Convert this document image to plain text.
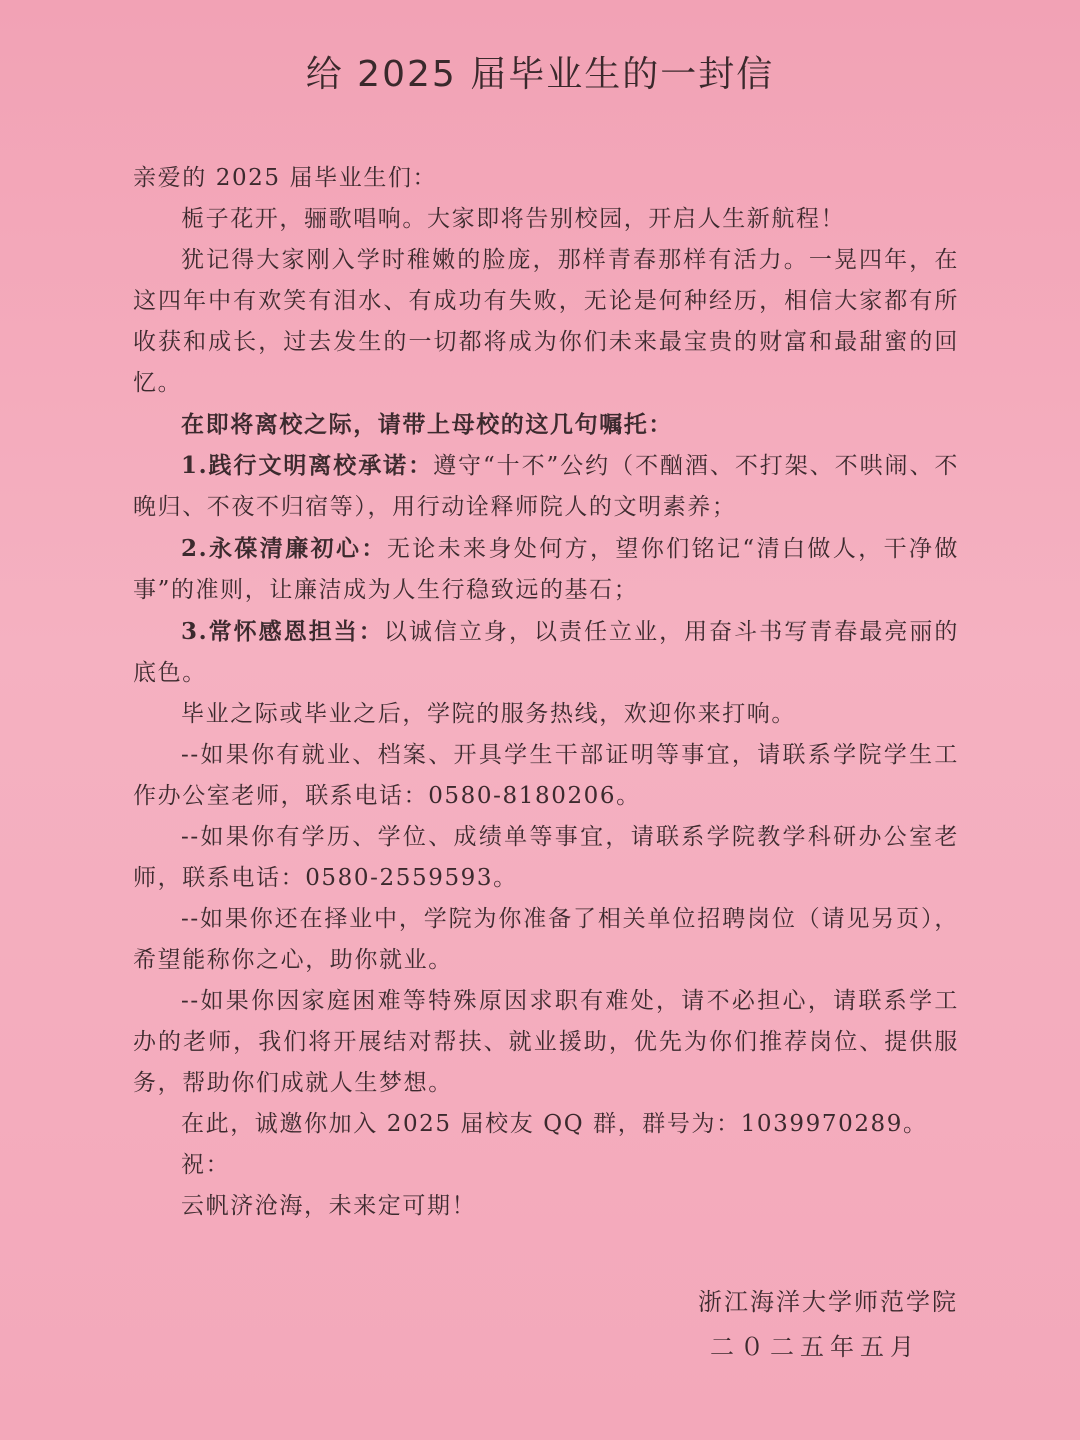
给 2025 届毕业生的一封信

亲爱的 2025 届毕业生们：

栀子花开，骊歌唱响。大家即将告别校园，开启人生新航程！

犹记得大家刚入学时稚嫩的脸庞，那样青春那样有活力。一晃四年，在这四年中有欢笑有泪水、有成功有失败，无论是何种经历，相信大家都有所收获和成长，过去发生的一切都将成为你们未来最宝贵的财富和最甜蜜的回忆。

在即将离校之际，请带上母校的这几句嘱托：

1.践行文明离校承诺：遵守“十不”公约（不酗酒、不打架、不哄闹、不晚归、不夜不归宿等），用行动诠释师院人的文明素养；

2.永葆清廉初心：无论未来身处何方，望你们铭记“清白做人，干净做事”的准则，让廉洁成为人生行稳致远的基石；

3.常怀感恩担当：以诚信立身，以责任立业，用奋斗书写青春最亮丽的底色。

毕业之际或毕业之后，学院的服务热线，欢迎你来打响。

--如果你有就业、档案、开具学生干部证明等事宜，请联系学院学生工作办公室老师，联系电话：0580-8180206。

--如果你有学历、学位、成绩单等事宜，请联系学院教学科研办公室老师，联系电话：0580-2559593。

--如果你还在择业中，学院为你准备了相关单位招聘岗位（请见另页），希望能称你之心，助你就业。

--如果你因家庭困难等特殊原因求职有难处，请不必担心，请联系学工办的老师，我们将开展结对帮扶、就业援助，优先为你们推荐岗位、提供服务，帮助你们成就人生梦想。

在此，诚邀你加入 2025 届校友 QQ 群，群号为：1039970289。

祝：

云帆济沧海，未来定可期！

浙江海洋大学师范学院
二０二五年五月
